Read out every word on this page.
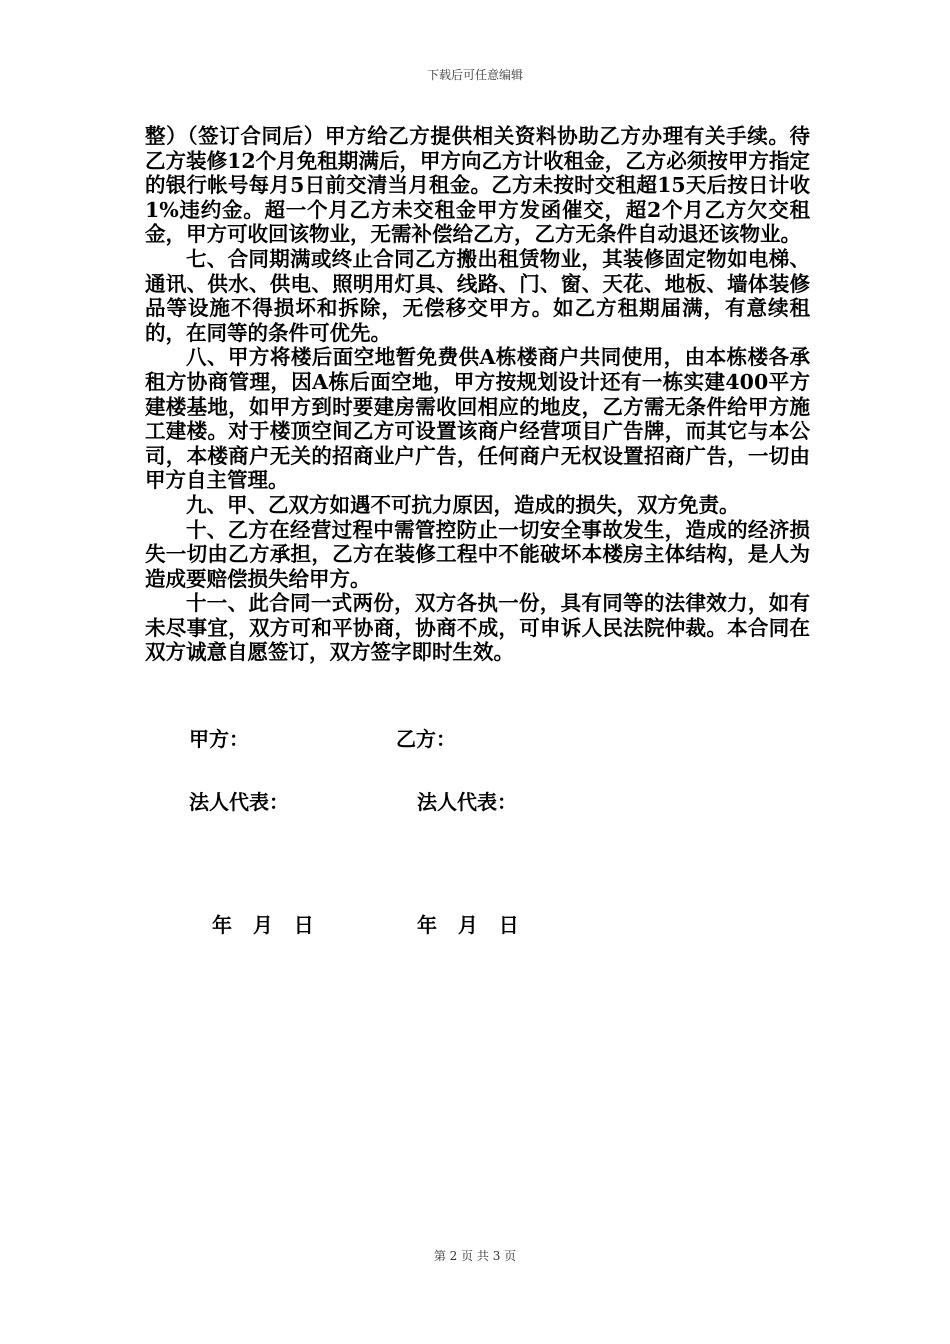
下载后可任意编辑

整）（签订合同后）甲方给乙方提供相关资料协助乙方办理有关手续。待乙方装修12个月免租期满后，甲方向乙方计收租金，乙方必须按甲方指定的银行帐号每月5日前交清当月租金。乙方未按时交租超15天后按日计收1%违约金。超一个月乙方未交租金甲方发函催交，超2个月乙方欠交租金，甲方可收回该物业，无需补偿给乙方，乙方无条件自动退还该物业。

七、合同期满或终止合同乙方搬出租赁物业，其装修固定物如电梯、通讯、供水、供电、照明用灯具、线路、门、窗、天花、地板、墙体装修品等设施不得损坏和拆除，无偿移交甲方。如乙方租期届满，有意续租的，在同等的条件可优先。

八、甲方将楼后面空地暂免费供A栋楼商户共同使用，由本栋楼各承租方协商管理，因A栋后面空地，甲方按规划设计还有一栋实建400平方建楼基地，如甲方到时要建房需收回相应的地皮，乙方需无条件给甲方施工建楼。对于楼顶空间乙方可设置该商户经营项目广告牌，而其它与本公司，本楼商户无关的招商业户广告，任何商户无权设置招商广告，一切由甲方自主管理。

九、甲、乙双方如遇不可抗力原因，造成的损失，双方免责。

十、乙方在经营过程中需管控防止一切安全事故发生，造成的经济损失一切由乙方承担，乙方在装修工程中不能破坏本楼房主体结构，是人为造成要赔偿损失给甲方。

十一、此合同一式两份，双方各执一份，具有同等的法律效力，如有未尽事宜，双方可和平协商，协商不成，可申诉人民法院仲裁。本合同在双方诚意自愿签订，双方签字即时生效。

甲方：	乙方：
法人代表：	法人代表：
年   月   日	年   月   日
第 2 页 共 3 页
